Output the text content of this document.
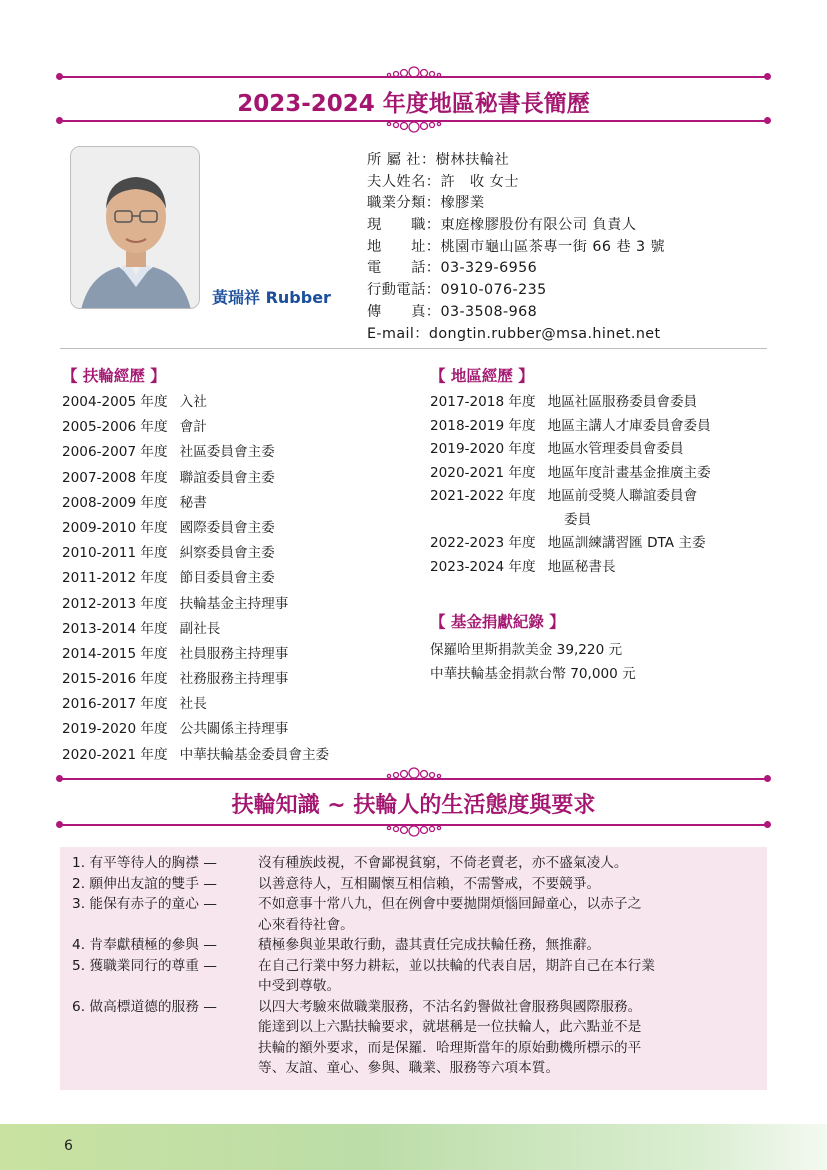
2023-2024 年度地區秘書長簡歷
黃瑞祥 Rubber
所 屬 社：樹林扶輪社
夫人姓名：許　收 女士
職業分類：橡膠業
現　　職：東庭橡膠股份有限公司 負責人
地　　址：桃園市龜山區茶專一街 66 巷 3 號
電　　話：03-329-6956
行動電話：0910-076-235
傳　　真：03-3508-968
E-mail：dongtin.rubber@msa.hinet.net
【 扶輪經歷 】
2004-2005 年度 入社
2005-2006 年度 會計
2006-2007 年度 社區委員會主委
2007-2008 年度 聯誼委員會主委
2008-2009 年度 秘書
2009-2010 年度 國際委員會主委
2010-2011 年度 糾察委員會主委
2011-2012 年度 節目委員會主委
2012-2013 年度 扶輪基金主持理事
2013-2014 年度 副社長
2014-2015 年度 社員服務主持理事
2015-2016 年度 社務服務主持理事
2016-2017 年度 社長
2019-2020 年度 公共關係主持理事
2020-2021 年度 中華扶輪基金委員會主委
【 地區經歷 】
2017-2018 年度 地區社區服務委員會委員
2018-2019 年度 地區主講人才庫委員會委員
2019-2020 年度 地區水管理委員會委員
2020-2021 年度 地區年度計畫基金推廣主委
2021-2022 年度 地區前受獎人聯誼委員會
委員
2022-2023 年度 地區訓練講習匯 DTA 主委
2023-2024 年度 地區秘書長
【 基金捐獻紀錄 】
保羅哈里斯捐款美金 39,220 元
中華扶輪基金捐款台幣 70,000 元
扶輪知識 ~ 扶輪人的生活態度與要求
1. 有平等待人的胸襟 —	沒有種族歧視，不會鄙視貧窮，不倚老賣老，亦不盛氣凌人。
2. 願伸出友誼的雙手 —	以善意待人，互相關懷互相信賴，不需警戒，不要競爭。
3. 能保有赤子的童心 —	不如意事十常八九，但在例會中要拋開煩惱回歸童心，以赤子之
心來看待社會。
4. 肯奉獻積極的參與 —	積極參與並果敢行動，盡其責任完成扶輪任務，無推辭。
5. 獲職業同行的尊重 —	在自己行業中努力耕耘，並以扶輪的代表自居，期許自己在本行業
中受到尊敬。
6. 做高標道德的服務 —	以四大考驗來做職業服務，不沽名釣譽做社會服務與國際服務。
能達到以上六點扶輪要求，就堪稱是一位扶輪人，此六點並不是
扶輪的額外要求，而是保羅．哈理斯當年的原始動機所標示的平
等、友誼、童心、參與、職業、服務等六項本質。
6
